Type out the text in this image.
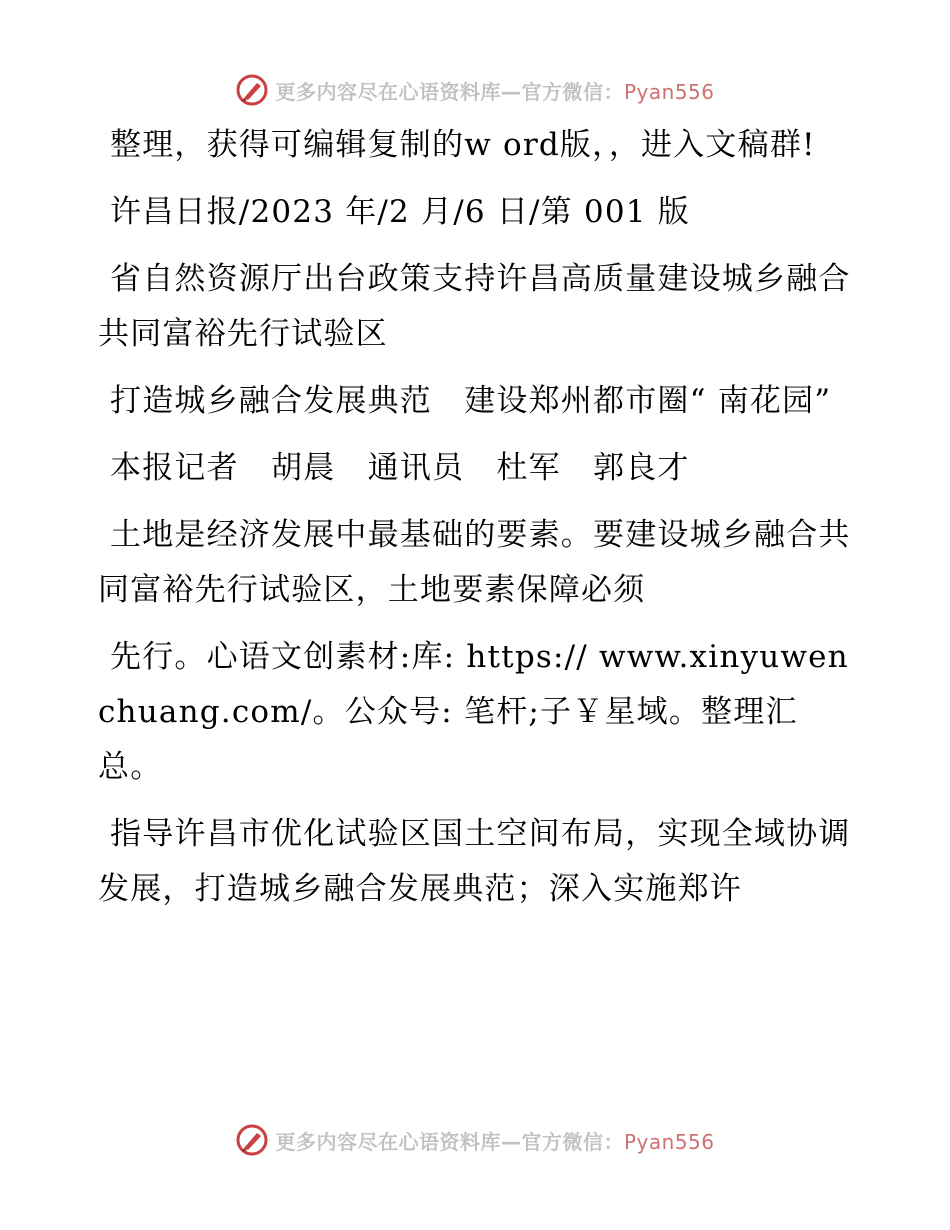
更多内容尽在心语资料库—官方微信：Pyan556

整理，获得可编辑复制的w ord版，，进入文稿群!

许昌日报/2023 年/2 月/6 日/第 001 版

省自然资源厅出台政策支持许昌高质量建设城乡融合共同富裕先行试验区

打造城乡融合发展典范　建设郑州都市圈“ 南花园”

本报记者　胡晨　通讯员　杜军　郭良才

土地是经济发展中最基础的要素。要建设城乡融合共同富裕先行试验区，土地要素保障必须

先行。心语文创素材:库: https:// www.xinyuwenchuang.com/。公众号: 笔杆;子￥星域。整理汇总。

指导许昌市优化试验区国土空间布局，实现全域协调发展，打造城乡融合发展典范；深入实施郑许

更多内容尽在心语资料库—官方微信：Pyan556
